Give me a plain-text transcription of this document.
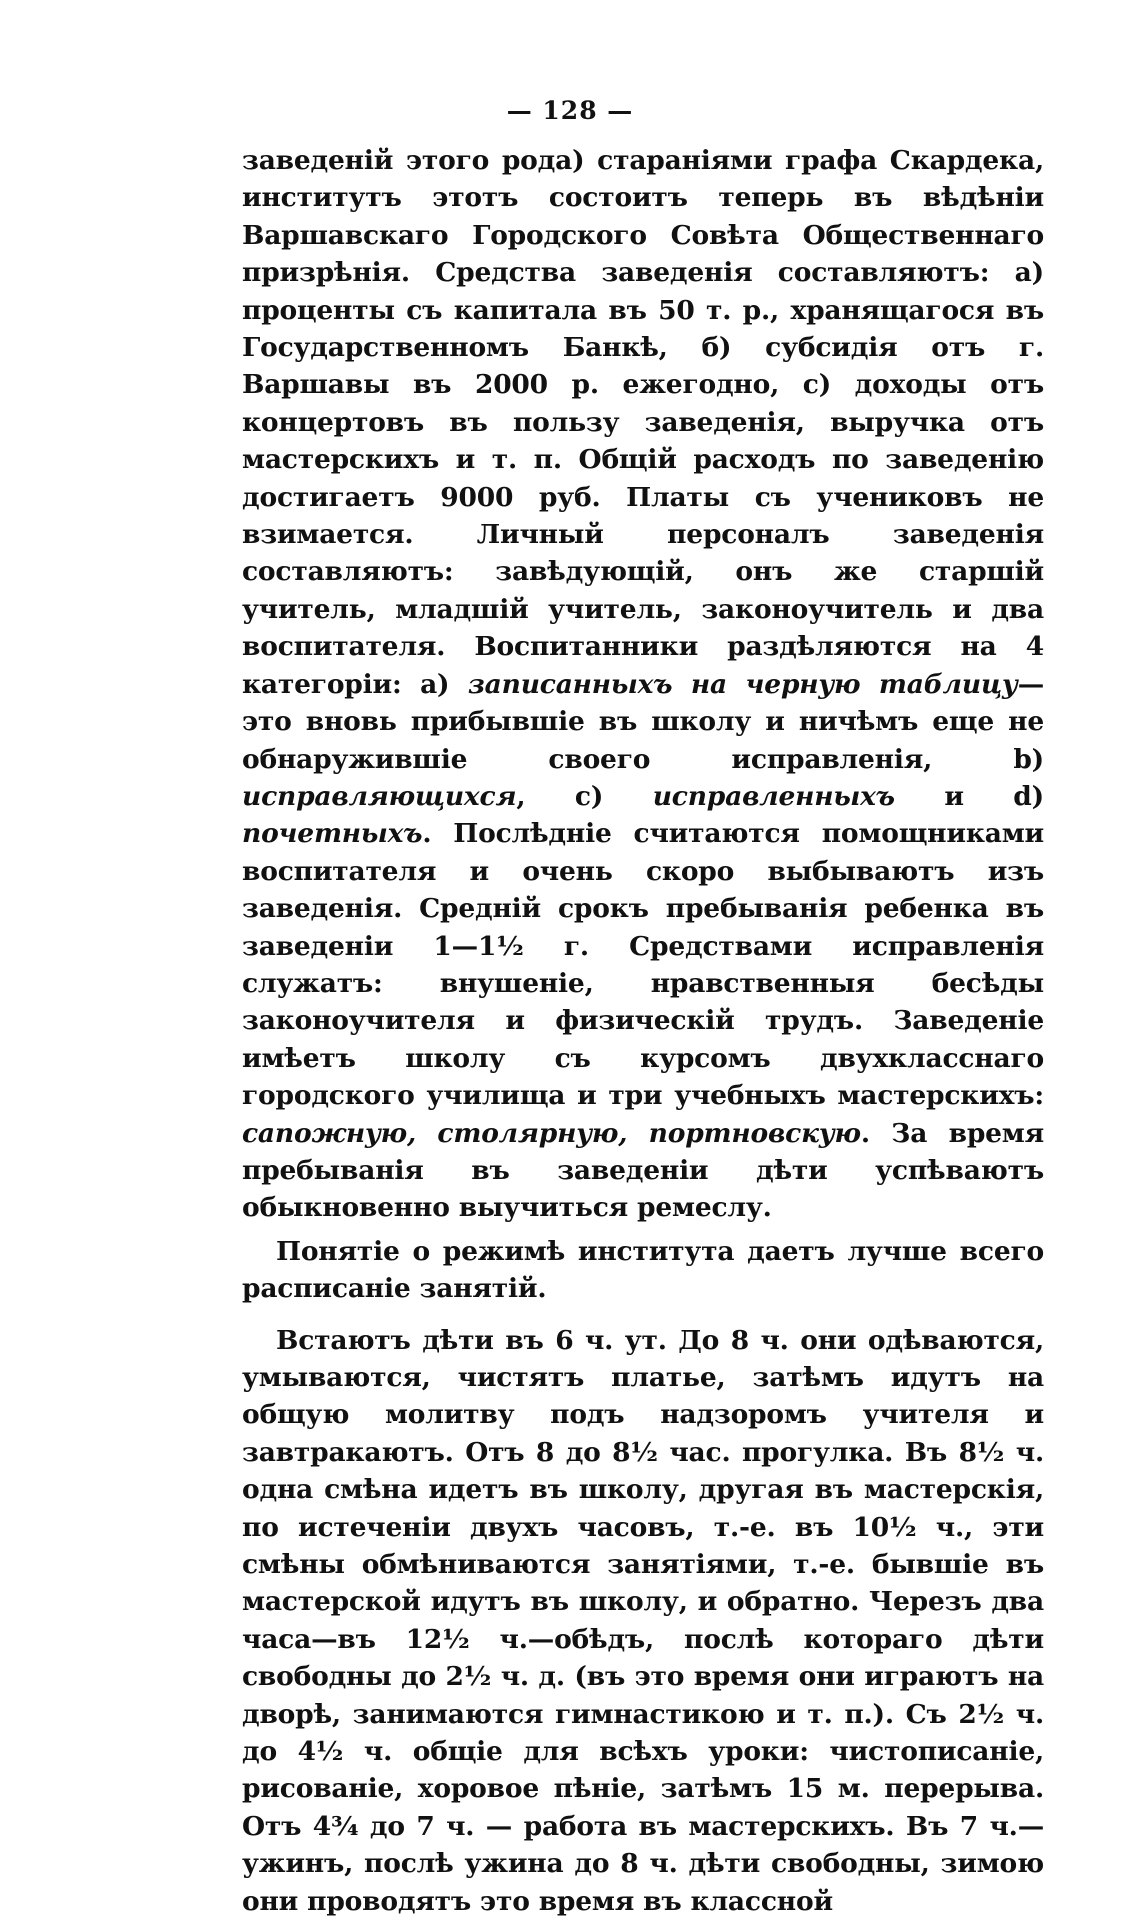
— 128 —

заведеній этого рода) стараніями графа Скардека, институтъ этотъ состоитъ теперь въ вѣдѣніи Варшавскаго Городского Совѣта Общественнаго призрѣнія. Средства заведенія составляютъ: а) проценты съ капитала въ 50 т. р., хранящагося въ Государственномъ Банкѣ, б) субсидія отъ г. Варшавы въ 2000 р. ежегодно, с) доходы отъ концертовъ въ пользу заведенія, выручка отъ мастерскихъ и т. п. Общій расходъ по заведенію достигаетъ 9000 руб. Платы съ учениковъ не взимается. Личный персоналъ заведенія составляютъ: завѣдующій, онъ же старшій учитель, младшій учитель, законоучитель и два воспитателя. Воспитанники раздѣляются на 4 категоріи: а) записанныхъ на черную таблицу—это вновь прибывшіе въ школу и ничѣмъ еще не обнаружившіе своего исправленія, b) исправляющихся, с) исправленныхъ и d) почетныхъ. Послѣдніе считаются помощниками воспитателя и очень скоро выбываютъ изъ заведенія. Средній срокъ пребыванія ребенка въ заведеніи 1—1½ г. Средствами исправленія служатъ: внушеніе, нравственныя бесѣды законоучителя и физическій трудъ. Заведеніе имѣетъ школу съ курсомъ двухкласснаго городского училища и три учебныхъ мастерскихъ: сапожную, столярную, портновскую. За время пребыванія въ заведеніи дѣти успѣваютъ обыкновенно выучиться ремеслу.

Понятіе о режимѣ института даетъ лучше всего расписаніе занятій.

Встаютъ дѣти въ 6 ч. ут. До 8 ч. они одѣваются, умываются, чистятъ платье, затѣмъ идутъ на общую молитву подъ надзоромъ учителя и завтракаютъ. Отъ 8 до 8½ час. прогулка. Въ 8½ ч. одна смѣна идетъ въ школу, другая въ мастерскія, по истеченіи двухъ часовъ, т.-е. въ 10½ ч., эти смѣны обмѣниваются занятіями, т.-е. бывшіе въ мастерской идутъ въ школу, и обратно. Черезъ два часа—въ 12½ ч.—обѣдъ, послѣ котораго дѣти свободны до 2½ ч. д. (въ это время они играютъ на дворѣ, занимаются гимнастикою и т. п.). Съ 2½ ч. до 4½ ч. общіе для всѣхъ уроки: чистописаніе, рисованіе, хоровое пѣніе, затѣмъ 15 м. перерыва. Отъ 4¾ до 7 ч. — работа въ мастерскихъ. Въ 7 ч.—ужинъ, послѣ ужина до 8 ч. дѣти свободны, зимою они проводятъ это время въ классной
